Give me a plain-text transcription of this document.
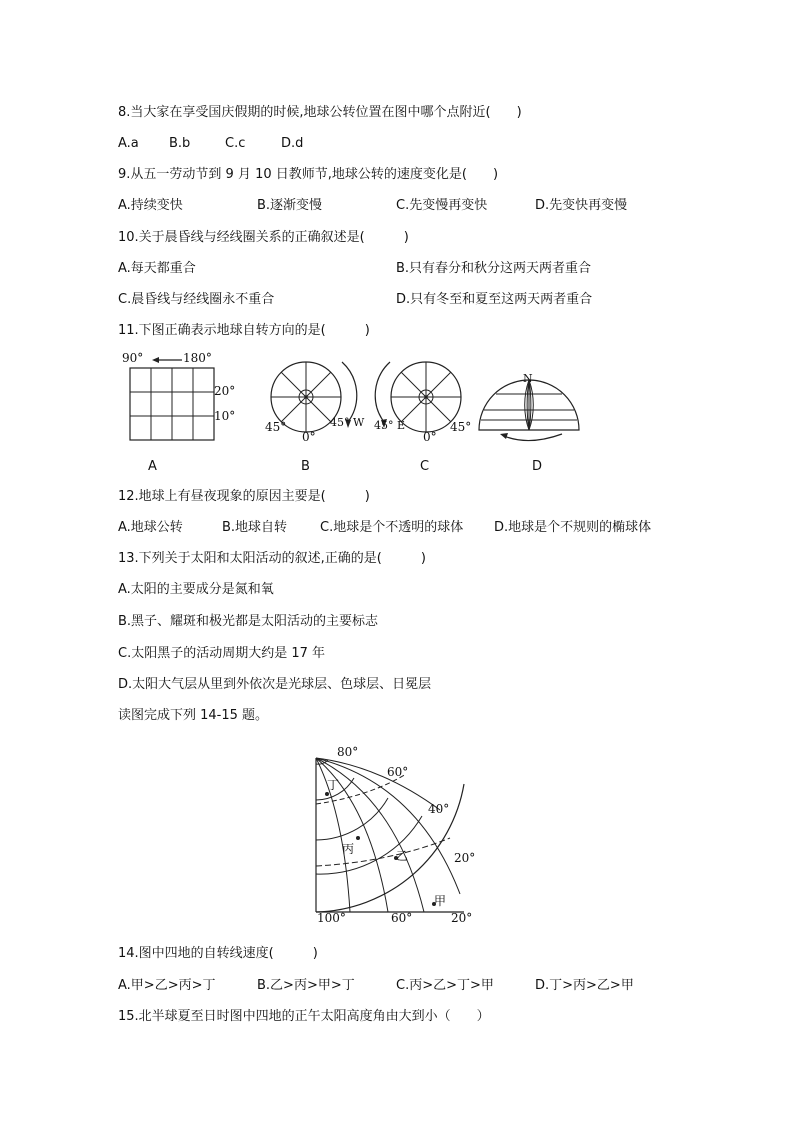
8.当大家在享受国庆假期的时候,地球公转位置在图中哪个点附近(　　)
A.a B.b	C.c	D.d
9.从五一劳动节到 9 月 10 日教师节,地球公转的速度变化是(　　)
A.持续变快	B.逐渐变慢	C.先变慢再变快	D.先变快再变慢
10.关于晨昏线与经线圈关系的正确叙述是(　　　)
A.每天都重合	B.只有春分和秋分这两天两者重合
C.晨昏线与经线圈永不重合	D.只有冬至和夏至这两天两者重合
11.下图正确表示地球自转方向的是(　　　)
90°	180°
20°
10°
45°
0°
45° W 45° E
0°
45°
N
A	B	C	D
12.地球上有昼夜现象的原因主要是(　　　)
A.地球公转	B.地球自转	C.地球是个不透明的球体 D.地球是个不规则的椭球体
13.下列关于太阳和太阳活动的叙述,正确的是(　　　)
A.太阳的主要成分是氮和氧
B.黑子、耀斑和极光都是太阳活动的主要标志
C.太阳黑子的活动周期大约是 17 年
D.太阳大气层从里到外依次是光球层、色球层、日冕层
读图完成下列 14-15 题。
80°
60°
40°
20°
100°	60°	20°
丁
丙	乙
甲
14.图中四地的自转线速度(　　　)
A.甲>乙>丙>丁	B.乙>丙>甲>丁	C.丙>乙>丁>甲	D.丁>丙>乙>甲
15.北半球夏至日时图中四地的正午太阳高度角由大到小（　　）
